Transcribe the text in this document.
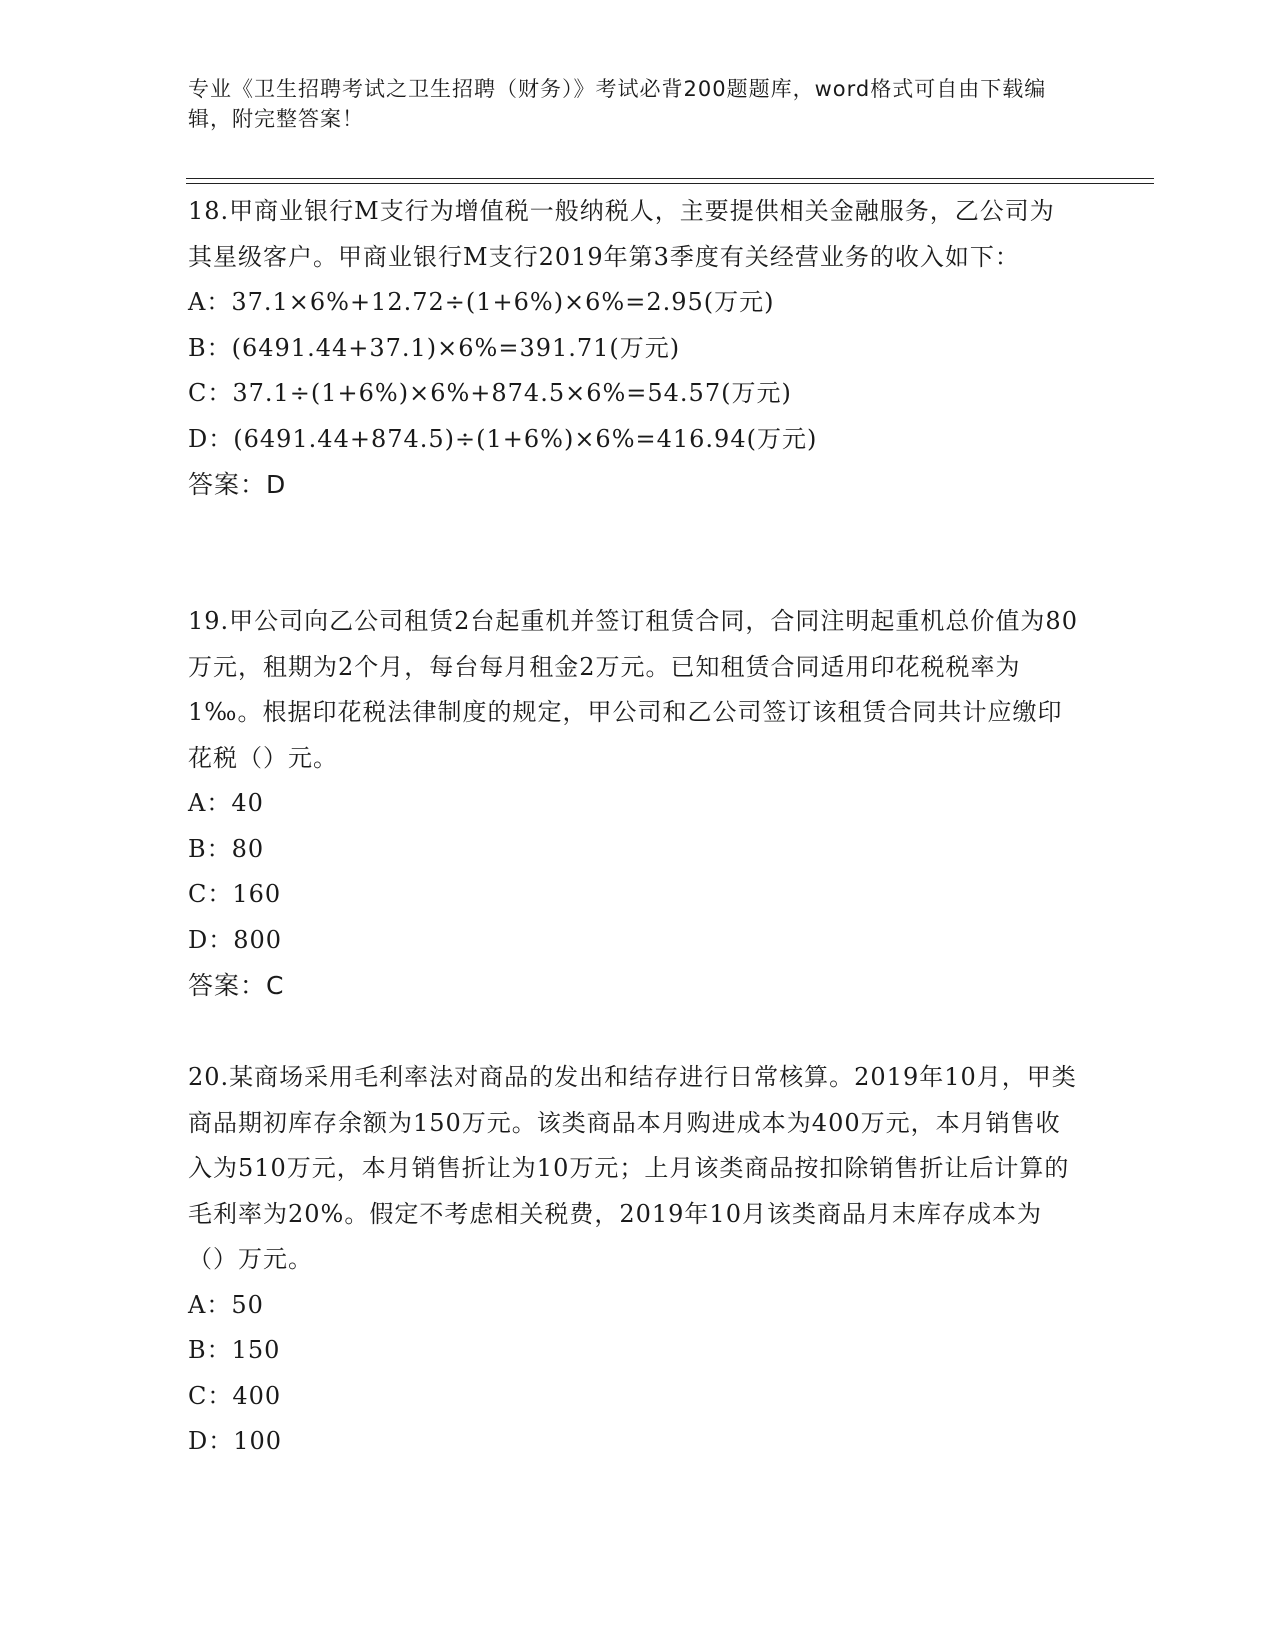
专业《卫生招聘考试之卫生招聘（财务）》考试必背200题题库，word格式可自由下载编辑，附完整答案！

18.甲商业银行M支行为增值税一般纳税人，主要提供相关金融服务，乙公司为其星级客户。甲商业银行M支行2019年第3季度有关经营业务的收入如下：

A：37.1×6%+12.72÷(1+6%)×6%=2.95(万元)

B：(6491.44+37.1)×6%=391.71(万元)

C：37.1÷(1+6%)×6%+874.5×6%=54.57(万元)

D：(6491.44+874.5)÷(1+6%)×6%=416.94(万元)

答案：D

19.甲公司向乙公司租赁2台起重机并签订租赁合同，合同注明起重机总价值为80万元，租期为2个月，每台每月租金2万元。已知租赁合同适用印花税税率为1‰。根据印花税法律制度的规定，甲公司和乙公司签订该租赁合同共计应缴印花税（）元。

A：40

B：80

C：160

D：800

答案：C

20.某商场采用毛利率法对商品的发出和结存进行日常核算。2019年10月，甲类商品期初库存余额为150万元。该类商品本月购进成本为400万元，本月销售收入为510万元，本月销售折让为10万元；上月该类商品按扣除销售折让后计算的毛利率为20%。假定不考虑相关税费，2019年10月该类商品月末库存成本为（）万元。

A：50

B：150

C：400

D：100
